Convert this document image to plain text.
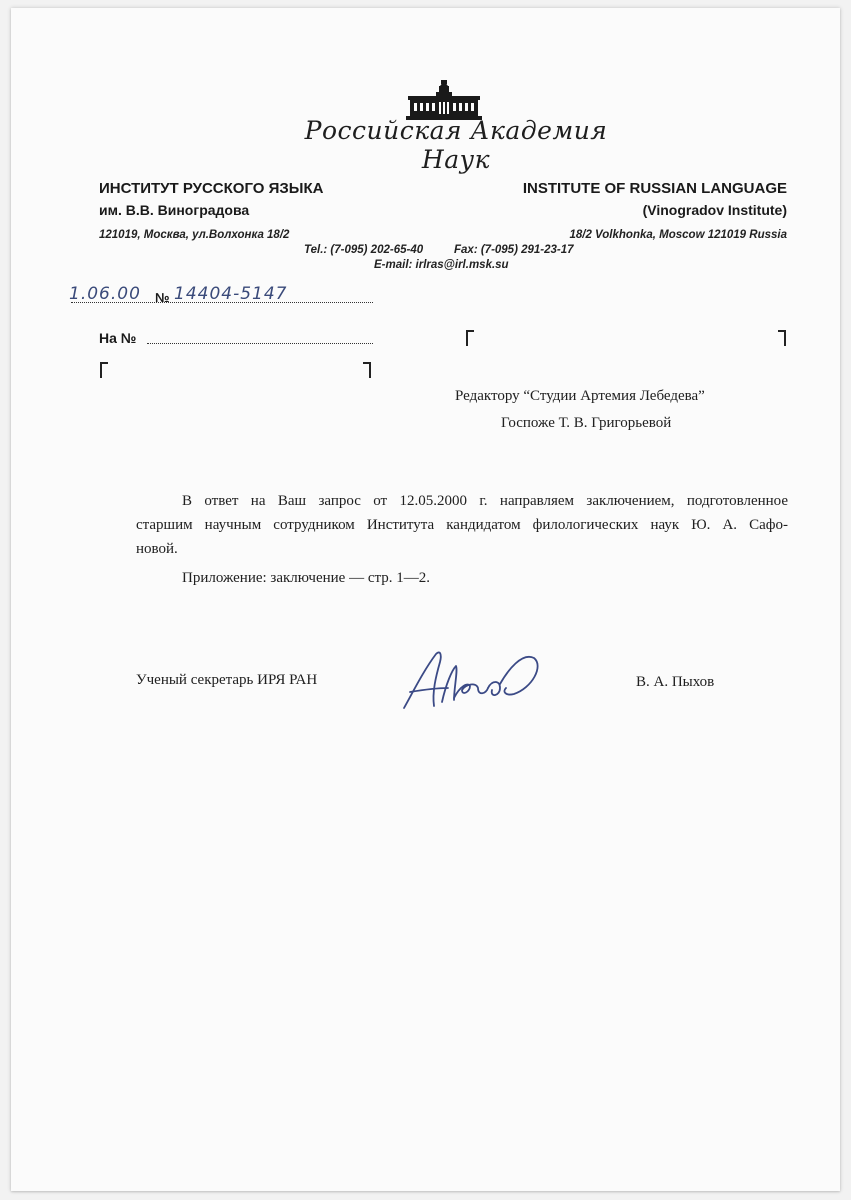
Российская Академия Наук
ИНСТИТУТ РУССКОГО ЯЗЫКА
им. В.В. Виноградова
121019, Москва, ул.Волхонка 18/2
INSTITUTE OF RUSSIAN LANGUAGE
(Vinogradov Institute)
18/2 Volkhonka, Moscow 121019 Russia
Tel.: (7-095) 202-65-40	Fax: (7-095) 291-23-17
E-mail: irlras@irl.msk.su
1.06.00 № 14404-5147
На №
Редактору “Студии Артемия Лебедева”
Госпоже Т. В. Григорьевой
В ответ на Ваш запрос от 12.05.2000 г. направляем заключением, подготовленное
старшим научным сотрудником Института кандидатом филологических наук Ю. А. Сафо-
новой.
Приложение: заключение — стр. 1—2.
Ученый секретарь ИРЯ РАН	В. А. Пыхов
